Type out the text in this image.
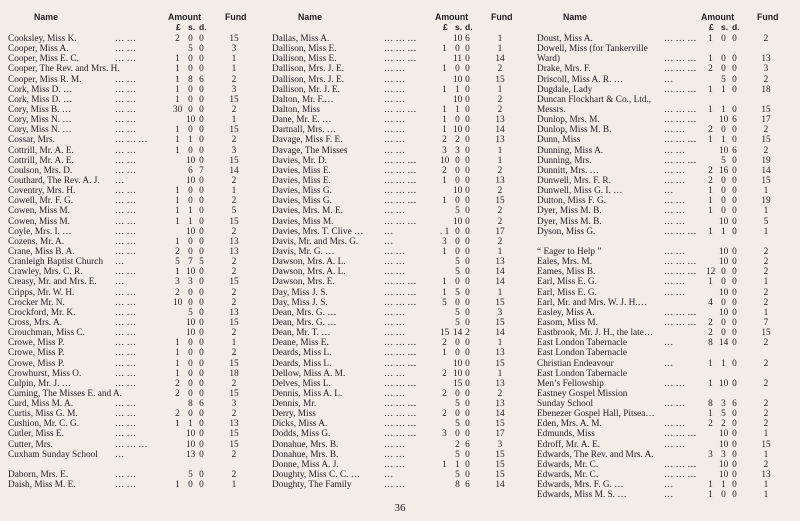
Name	Amount	Fund
£ s. d.
Cooksley, Miss K.	… …	2 0 0	15
Cooper, Miss A.	… …	5 0	3
Cooper, Miss E. C.	… …	1 0 0	1
Cooper, The Rev. and Mrs. H.	1 0 0	1
Cooper, Miss R. M.	… …	1 8 6	2
Cork, Miss D. …	… …	1 0 0	3
Cork, Miss D. …	… …	1 0 0	15
Cory, Miss B. …	… …	30 0 0	2
Cory, Miss N. …	… …	10 0	1
Cory, Miss N. …	… …	1 0 0	15
Cossar, Mrs.	… … …	1 1 0	2
Cottrill, Mr. A. E.	… …	1 0 0	3
Cottrill, Mr. A. E.	… …	10 0	15
Coulson, Mrs. D.	… …	6 7	14
Couthard, The Rev. A. J. …	10 0	2
Coventry, Mrs. H.	… …	1 0 0	1
Cowell, Mr. F. G.	… …	1 0 0	2
Cowen, Miss M.	… …	1 1 0	5
Cowen, Miss M.	… …	1 1 0	15
Coyle, Mrs. I. …	… …	10 0	2
Cozens, Mr. A.	… …	1 0 0	13
Crane, Miss B. A.	… …	2 0 0	13
Cranleigh Baptist Church …	5 7 5	2
Crawley, Mrs. C. R.	… …	1 10 0	2
Creasy, Mr. and Mrs. E. …	3 3 0	15
Cripps, Mr. W. H.	… …	2 0 0	2
Crocker Mr. N.	… …	10 0 0	2
Crockford, Mr. K.	… …	5 0	13
Cross, Mrs. A.	… …	10 0	15
Crouchman, Miss C.	… …	10 0	2
Crowe, Miss P.	… …	1 0 0	1
Crowe, Miss P.	… …	1 0 0	2
Crowe, Miss P.	… …	1 0 0	15
Crowhurst, Miss O.	… …	1 0 0	18
Culpin, Mr. J. …	… …	2 0 0	2
Cuming, The Misses E. and A.	2 0 0	15
Curd, Miss M. A.	… …	8 6	3
Curtis, Miss G. M.	… …	2 0 0	2
Cushion, Mr. C. G.	… …	1 1 0	13
Cutler, Miss E.	… …	10 0	15
Cutter, Mrs.	… … …	10 0	15
Cuxham Sunday School …	13 0	2
Daborn, Mrs. E.	… …	5 0	2
Daish, Miss M. E.	… …	1 0 0	1
Name	Amount	Fund
£ s. d.
Dallas, Miss A.	… … …	10 6	1
Dallison, Miss E.	… … …	1 0 0	1
Dallison, Miss E.	… … …	11 0	14
Dallison, Mrs. J. E.	… …	1 0 0	2
Dallison, Mrs. J. E.	… …	10 0	15
Dallison, Mr. J. E.	… …	1 1 0	1
Dalton, Mr. F.…	… …	10 0	2
Dalton, Miss	… … …	1 1 0	2
Dane, Mr. E. …	… …	1 0 0	13
Dartnall, Mrs. …	… …	1 10 0	14
Davage, Miss F. E.	… …	2 2 0	13
Davage, The Misses	… …	3 3 0	1
Davies, Mr. D.	… … …	10 0 0	1
Davies, Miss E.	… … …	2 0 0	2
Davies, Miss E.	… … …	1 0 0	13
Davies, Miss G.	… … …	10 0	2
Davies, Miss G.	… … …	1 0 0	15
Davies, Mrs. M. E.	… …	5 0	2
Davies, Miss M.	… … …	10 0	2
Davies, Mrs. T. Clive … …	. 1 0 0	17
Davis, Mr. and Mrs. G.	…	3 0 0	2
Davis, Mr. G. …	… …	1 0 0	1
Dawson, Mrs. A. L.	… …	5 0	13
Dawson, Mrs. A. L.	… …	5 0	14
Dawson, Mrs. E.	… … …	1 0 0	14
Day, Miss J. S.	… … …	1 5 0	1
Day, Miss J. S.	… … …	5 0 0	15
Dean, Mrs. G. …	… …	5 0	3
Dean, Mrs. G. …	… …	5 0	15
Dean, Mr. T. …	… …	15 14 2	14
Deane, Miss E.	… … …	2 0 0	1
Deards, Miss L.	… … …	1 0 0	13
Deards, Miss L.	… … …	10 0	15
Dellow, Miss A. M.	… …	2 10 0	1
Delves, Miss L.	… … …	15 0	13
Dennis, Miss A. L.	… …	2 0 0	2
Dennis, Mr.	… … …	5 0	13
Derry, Miss	… … …	2 0 0	14
Dicks, Miss A.	… … …	5 0	15
Dodds, Miss G.	… … …	3 0 0	17
Donahue, Mrs. B.	… …	2 6	3
Donahue, Mrs. B.	… …	5 0	15
Donne, Miss A. J.	… …	1 1 0	15
Doughty, Miss C. C. …	…	5 0	15
Doughty, The Family	… …	8 6	14
Name	Amount	Fund
£ s. d.
Doust, Miss A.	… … … 1 0 0	2
Dowell, Miss (for Tankerville
Ward)	… … … 1 0 0	13
Drake, Mrs. F.	… … … 2 0 0	3
Driscoll, Miss A. R. …	…	5 0	2
Dugdale, Lady	… … … 1 1 0	18
Duncan Flockhart & Co., Ltd.,
Messrs.	… … … 1 1 0	15
Dunlop, Mrs. M.	… … … 10 6	17
Dunlop, Miss M. B.	… …	2 0 0	2
Dunn, Miss	… … … 1 1 0	15
Dunning, Miss A.	… …	10 6	2
Dunning, Mrs.	… … …	5 0	19
Dunnitt, Mrs. …	… …	2 16 0	14
Dunwell, Mrs. F. R.	… …	2 0 0	15
Dunwell, Miss G. I. …	…	1 0 0	1
Dutton, Miss F. G.	… …	1 0 0	19
Dyer, Miss M. B.	… …	1 0 0	1
Dyer, Miss M. B.	… …	10 0	5
Dyson, Miss G.	… … … 1 1 0	1
“ Eager to Help ”	… …	10 0	2
Eales, Mrs. M.	… … … 10 0	2
Eames, Miss B.	… … … 12 0 0	2
Earl, Miss E. G.	… …	1 0 0	1
Earl, Miss E. G.	… …	10 0	2
Earl, Mr. and Mrs. W. J. H.…	4 0 0	2
Easley, Miss A.	… … … 10 0	1
Easom, Miss M.	… … … 2 0 0	7
Eastbrook, Mr. J. H., the late…	2 0 0	15
East London Tabernacle	…	8 14 0	2
East London Tabernacle
Christian Endeavour	…	1 1 0	2
East London Tabernacle
Men’s Fellowship	… …	1 10 0	2
Eastney Gospel Mission
Sunday School	… …	8 3 6	2
Ebenezer Gospel Hall, Pitsea…	1 5 0	2
Eden, Mrs. A. M.	… …	2 2 0	2
Edmunds, Miss	… … … 10 0	1
Edroff, Mr. A. E.	… …	10 0	15
Edwards, The Rev. and Mrs. A.	3 3 0	1
Edwards, Mr. C.	… … … 10 0	2
Edwards, Mr. C.	… … … 10 0	13
Edwards, Mrs. F. G. …	…	1 1 0	1
Edwards, Miss M. S. …	…	1 0 0	1
36
